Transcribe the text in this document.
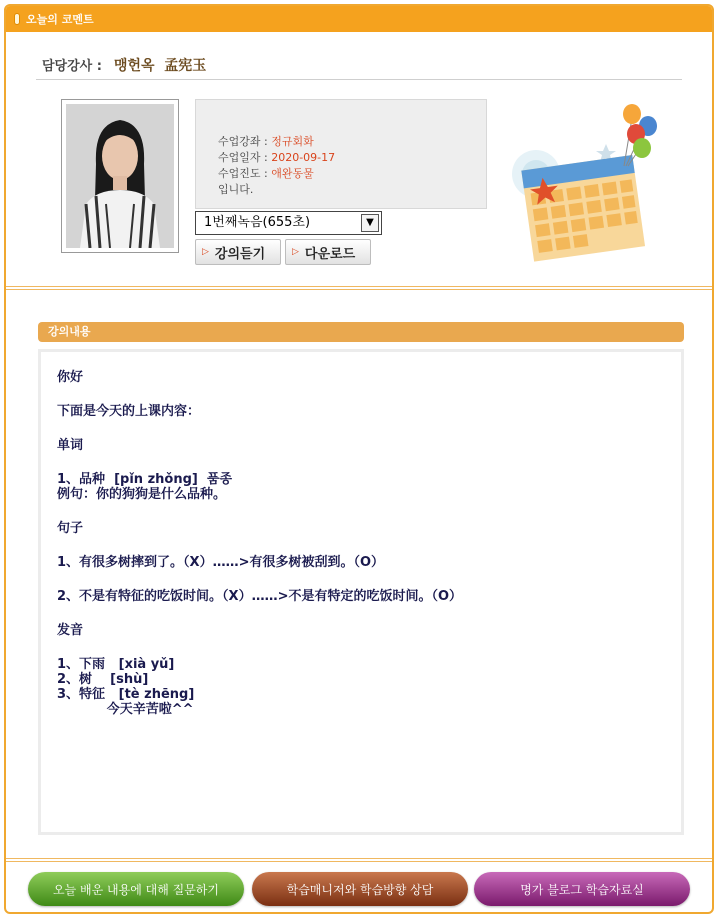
오늘의 코멘트
담당강사 : 맹헌옥 孟宪玉
수업강좌 : 정규회화
수업일자 : 2020-09-17
수업진도 : 애완동물
입니다.
1번째녹음(655초)	▼
▷ 강의듣기	▷ 다운로드
강의내용
你好
下面是今天的上课内容：
单词
1、品种  [pǐn zhǒng]  품종
例句：你的狗狗是什么品种。
句子
1、有很多树摔到了。（X）……>有很多树被刮到。（O）
2、不是有特征的吃饭时间。（X）……>不是有特定的吃饭时间。（O）
发音
1、下雨   [xià yǔ]
2、树    [shù]
3、特征   [tè zhēng]
今天辛苦啦^^
오늘 배운 내용에 대해 질문하기	학습매니저와 학습방향 상담	명가 블로그 학습자료실
